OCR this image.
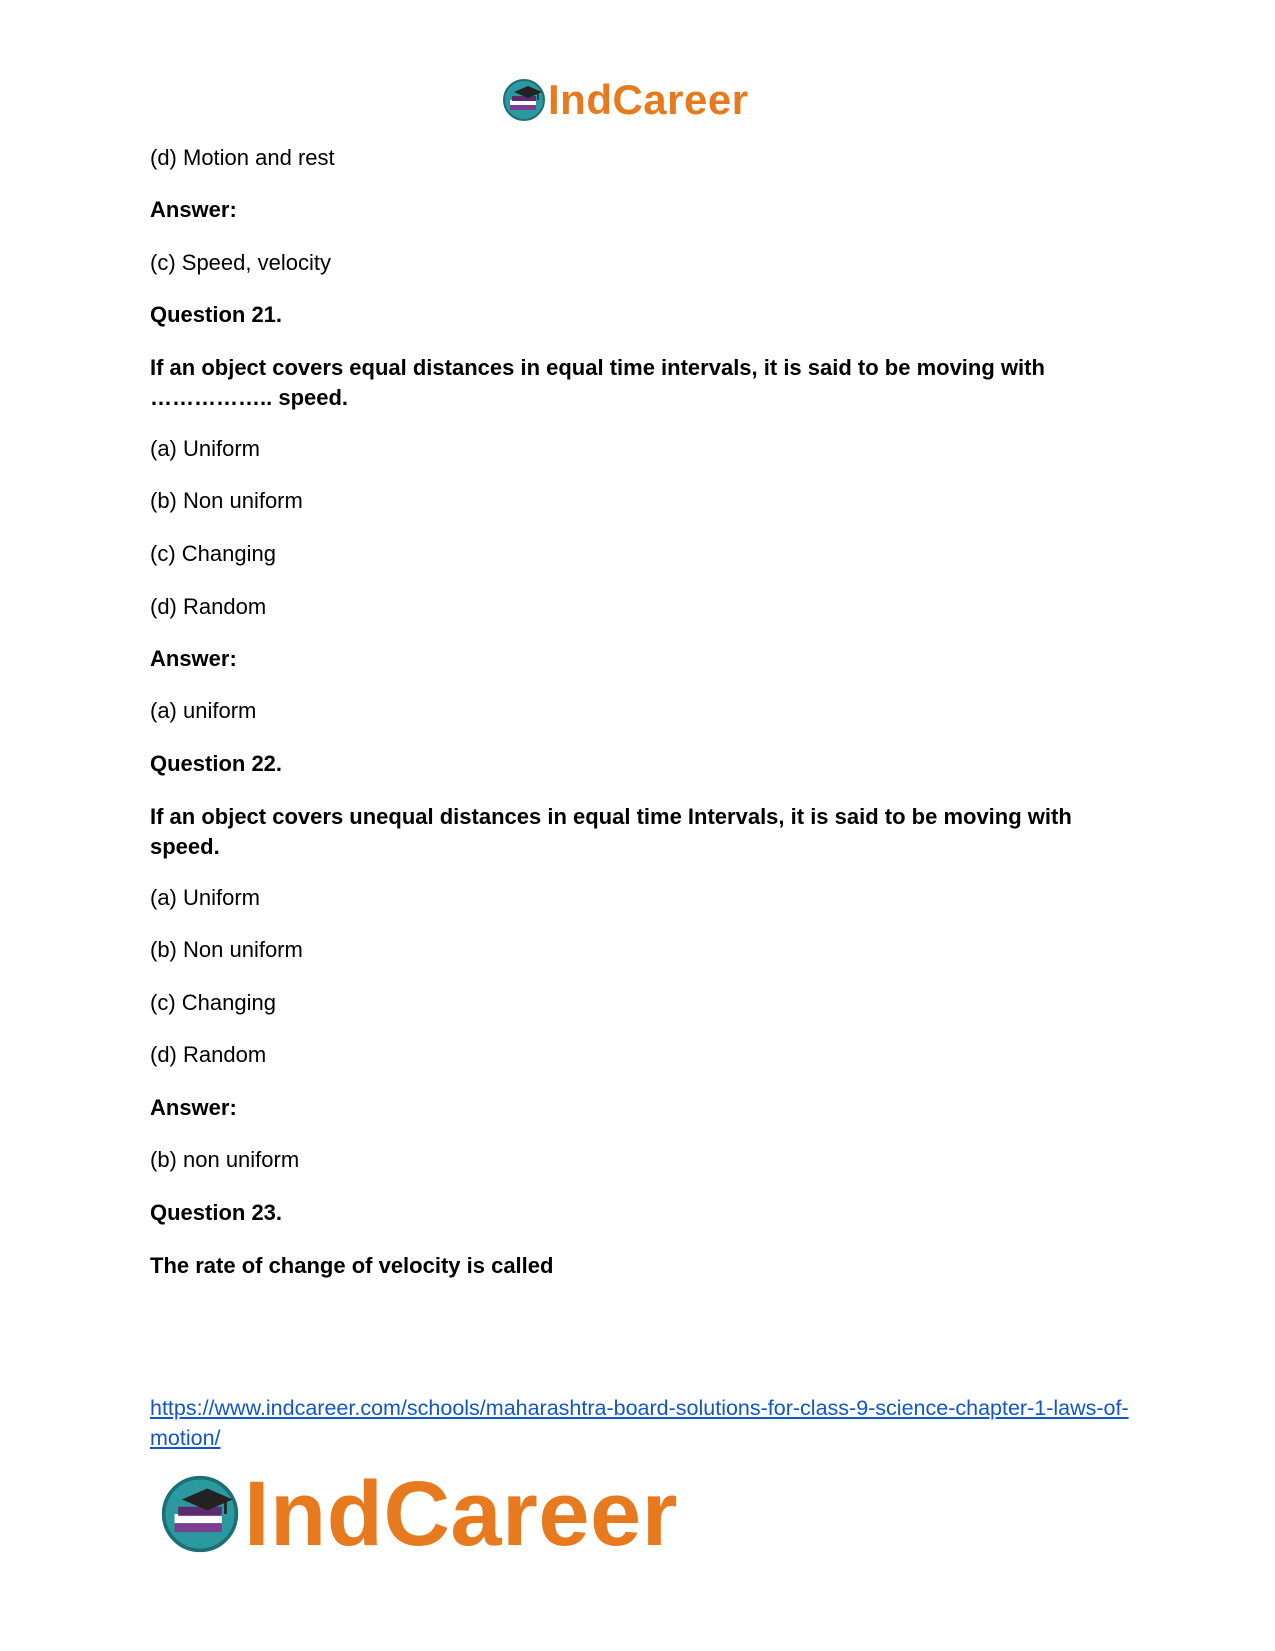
IndCareer
(d) Motion and rest
Answer:
(c) Speed, velocity
Question 21.
If an object covers equal distances in equal time intervals, it is said to be moving with …………….. speed.
(a) Uniform
(b) Non uniform
(c) Changing
(d) Random
Answer:
(a) uniform
Question 22.
If an object covers unequal distances in equal time Intervals, it is said to be moving with speed.
(a) Uniform
(b) Non uniform
(c) Changing
(d) Random
Answer:
(b) non uniform
Question 23.
The rate of change of velocity is called
https://www.indcareer.com/schools/maharashtra-board-solutions-for-class-9-science-chapter-1-laws-of-motion/
IndCareer
